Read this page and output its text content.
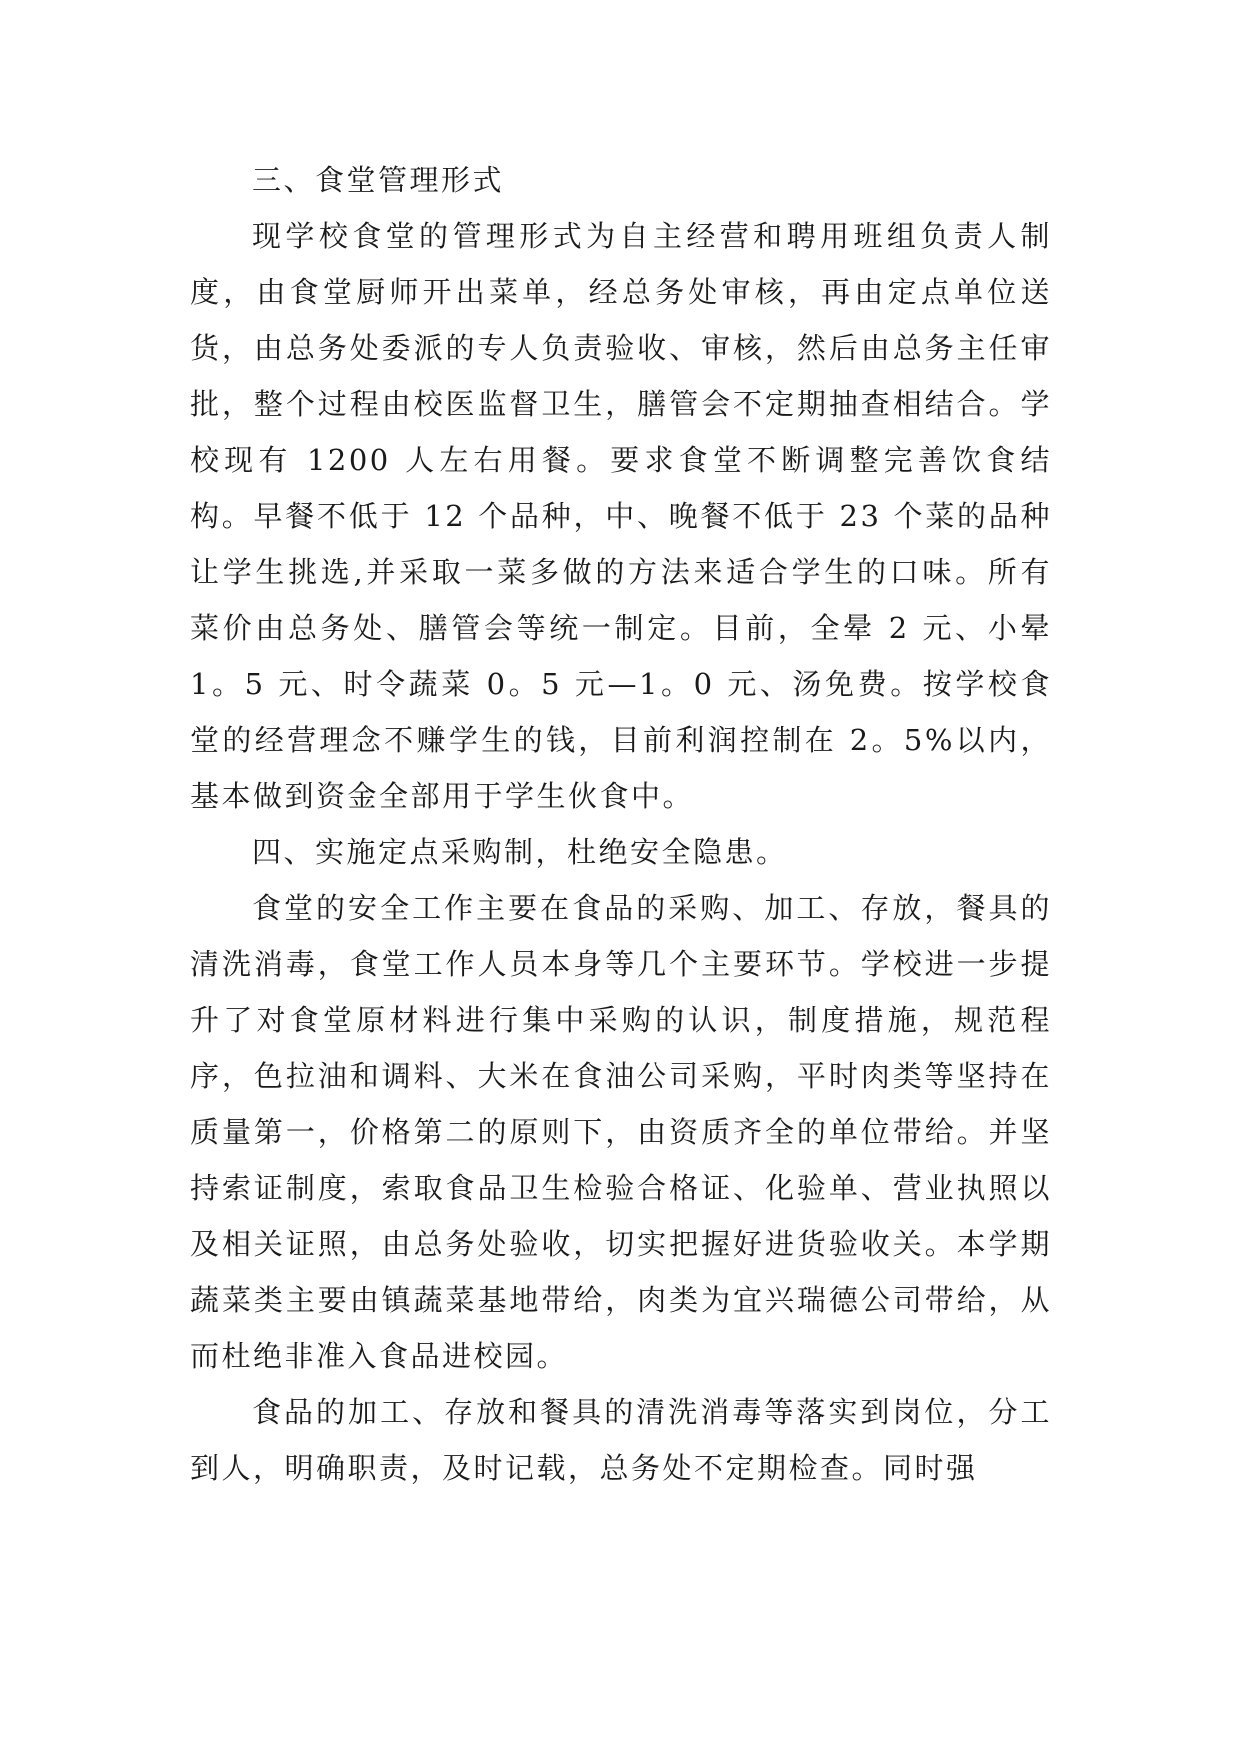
三、食堂管理形式

现学校食堂的管理形式为自主经营和聘用班组负责人制度，由食堂厨师开出菜单，经总务处审核，再由定点单位送货，由总务处委派的专人负责验收、审核，然后由总务主任审批，整个过程由校医监督卫生，膳管会不定期抽查相结合。学校现有 1200 人左右用餐。要求食堂不断调整完善饮食结构。早餐不低于 12 个品种，中、晚餐不低于 23 个菜的品种让学生挑选,并采取一菜多做的方法来适合学生的口味。所有菜价由总务处、膳管会等统一制定。目前，全晕 2 元、小晕 1。5 元、时令蔬菜 0。5 元—1。0 元、汤免费。按学校食堂的经营理念不赚学生的钱，目前利润控制在 2。5%以内，基本做到资金全部用于学生伙食中。

四、实施定点采购制，杜绝安全隐患。

食堂的安全工作主要在食品的采购、加工、存放，餐具的清洗消毒，食堂工作人员本身等几个主要环节。学校进一步提升了对食堂原材料进行集中采购的认识，制度措施，规范程序，色拉油和调料、大米在食油公司采购，平时肉类等坚持在质量第一，价格第二的原则下，由资质齐全的单位带给。并坚持索证制度，索取食品卫生检验合格证、化验单、营业执照以及相关证照，由总务处验收，切实把握好进货验收关。本学期蔬菜类主要由镇蔬菜基地带给，肉类为宜兴瑞德公司带给，从而杜绝非准入食品进校园。

食品的加工、存放和餐具的清洗消毒等落实到岗位，分工到人，明确职责，及时记载，总务处不定期检查。同时强
